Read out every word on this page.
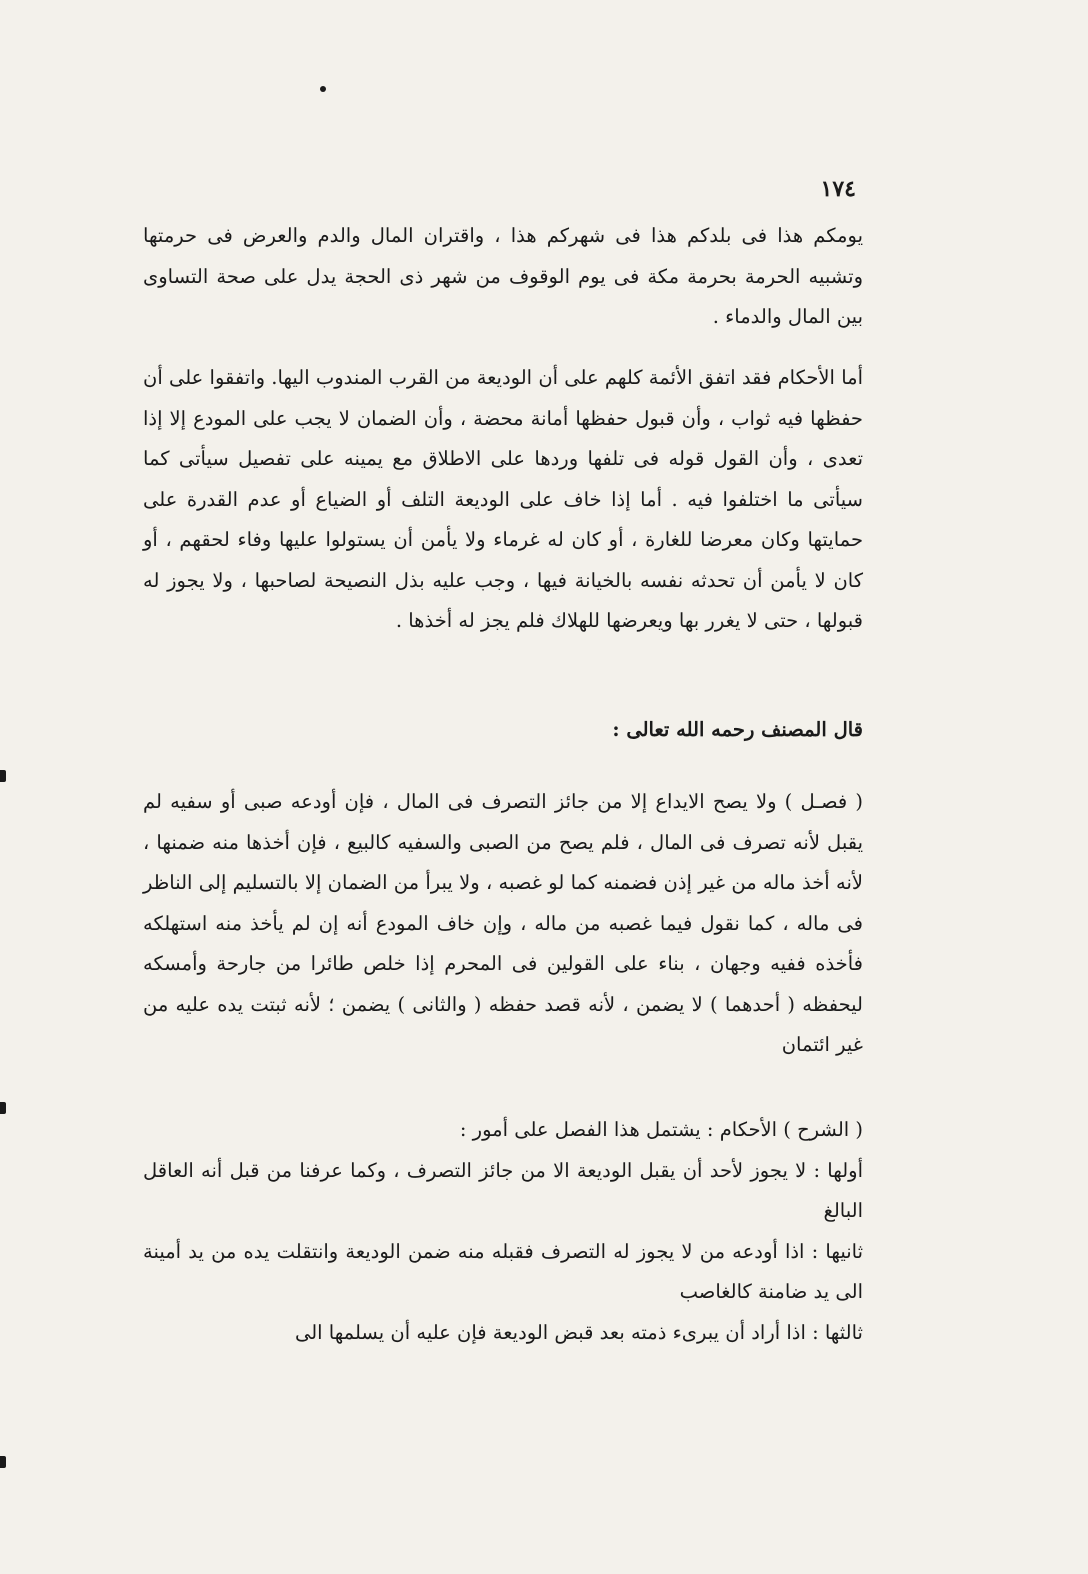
١٧٤

يومكم هذا فى بلدكم هذا فى شهركم هذا ، واقتران المال والدم والعرض فى حرمتها وتشبيه الحرمة بحرمة مكة فى يوم الوقوف من شهر ذى الحجة يدل على صحة التساوى بين المال والدماء .

أما الأحكام فقد اتفق الأئمة كلهم على أن الوديعة من القرب المندوب اليها. واتفقوا على أن حفظها فيه ثواب ، وأن قبول حفظها أمانة محضة ، وأن الضمان لا يجب على المودع إلا إذا تعدى ، وأن القول قوله فى تلفها وردها على الاطلاق مع يمينه على تفصيل سيأتى كما سيأتى ما اختلفوا فيه . أما إذا خاف على الوديعة التلف أو الضياع أو عدم القدرة على حمايتها وكان معرضا للغارة ، أو كان له غرماء ولا يأمن أن يستولوا عليها وفاء لحقهم ، أو كان لا يأمن أن تحدثه نفسه بالخيانة فيها ، وجب عليه بذل النصيحة لصاحبها ، ولا يجوز له قبولها ، حتى لا يغرر بها ويعرضها للهلاك فلم يجز له أخذها .

قال المصنف رحمه الله تعالى :

( فصـل ) ولا يصح الايداع إلا من جائز التصرف فى المال ، فإن أودعه صبى أو سفيه لم يقبل لأنه تصرف فى المال ، فلم يصح من الصبى والسفيه كالبيع ، فإن أخذها منه ضمنها ، لأنه أخذ ماله من غير إذن فضمنه كما لو غصبه ، ولا يبرأ من الضمان إلا بالتسليم إلى الناظر فى ماله ، كما نقول فيما غصبه من ماله ، وإن خاف المودع أنه إن لم يأخذ منه استهلكه فأخذه ففيه وجهان ، بناء على القولين فى المحرم إذا خلص طائرا من جارحة وأمسكه ليحفظه ( أحدهما ) لا يضمن ، لأنه قصد حفظه ( والثانى ) يضمن ؛ لأنه ثبتت يده عليه من غير ائتمان

( الشرح ) الأحكام : يشتمل هذا الفصل على أمور :

أولها : لا يجوز لأحد أن يقبل الوديعة الا من جائز التصرف ، وكما عرفنا من قبل أنه العاقل البالغ

ثانيها : اذا أودعه من لا يجوز له التصرف فقبله منه ضمن الوديعة وانتقلت يده من يد أمينة الى يد ضامنة كالغاصب

ثالثها : اذا أراد أن يبرىء ذمته بعد قبض الوديعة فإن عليه أن يسلمها الى
